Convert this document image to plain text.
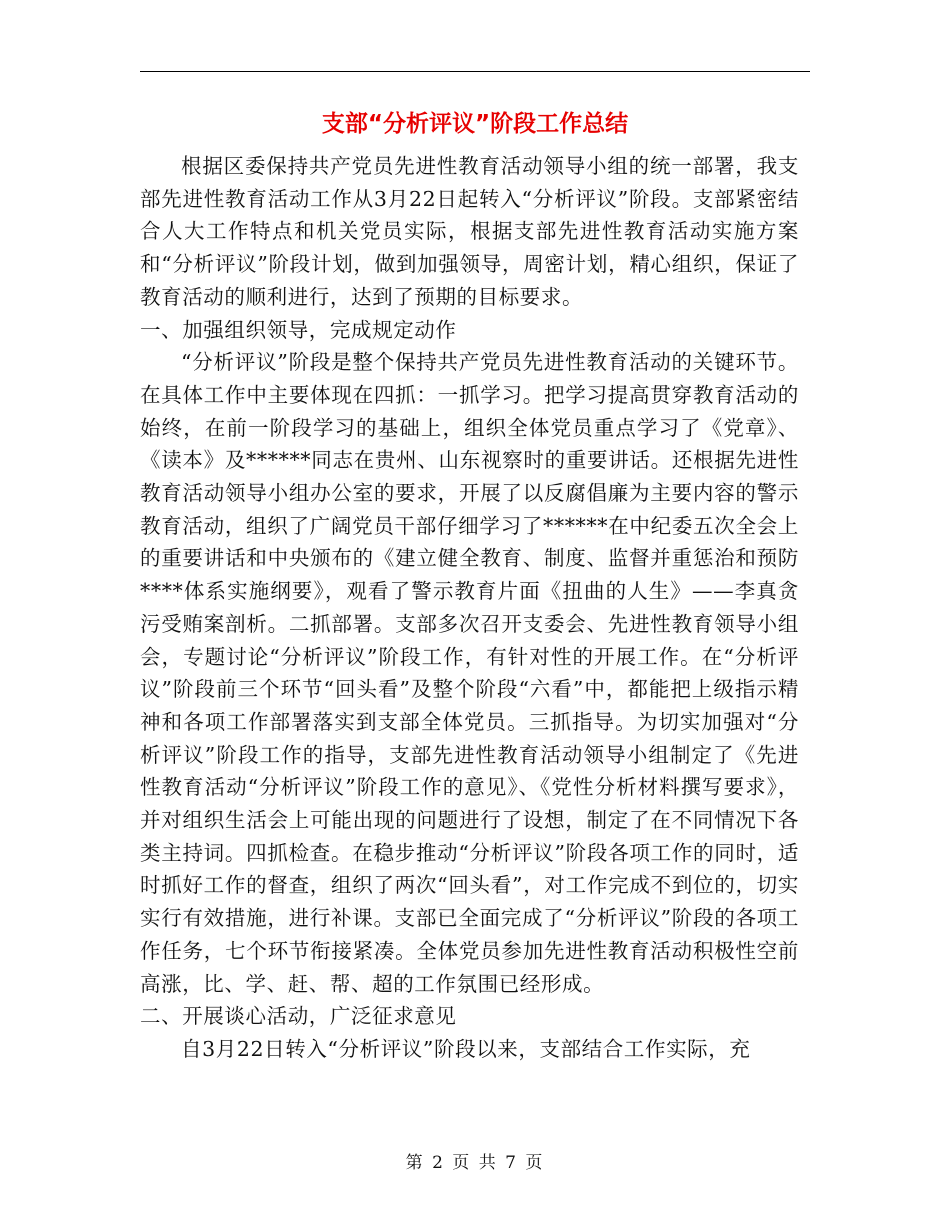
支部“分析评议”阶段工作总结

根据区委保持共产党员先进性教育活动领导小组的统一部署，我支部先进性教育活动工作从3月22日起转入“分析评议”阶段。支部紧密结合人大工作特点和机关党员实际，根据支部先进性教育活动实施方案和“分析评议”阶段计划，做到加强领导，周密计划，精心组织，保证了教育活动的顺利进行，达到了预期的目标要求。

一、加强组织领导，完成规定动作

“分析评议”阶段是整个保持共产党员先进性教育活动的关键环节。在具体工作中主要体现在四抓：一抓学习。把学习提高贯穿教育活动的始终，在前一阶段学习的基础上，组织全体党员重点学习了《党章》、《读本》及******同志在贵州、山东视察时的重要讲话。还根据先进性教育活动领导小组办公室的要求，开展了以反腐倡廉为主要内容的警示教育活动，组织了广阔党员干部仔细学习了******在中纪委五次全会上的重要讲话和中央颁布的《建立健全教育、制度、监督并重惩治和预防****体系实施纲要》，观看了警示教育片面《扭曲的人生》——李真贪污受贿案剖析。二抓部署。支部多次召开支委会、先进性教育领导小组会，专题讨论“分析评议”阶段工作，有针对性的开展工作。在“分析评议”阶段前三个环节“回头看”及整个阶段“六看”中，都能把上级指示精神和各项工作部署落实到支部全体党员。三抓指导。为切实加强对“分析评议”阶段工作的指导，支部先进性教育活动领导小组制定了《先进性教育活动“分析评议”阶段工作的意见》、《党性分析材料撰写要求》，并对组织生活会上可能出现的问题进行了设想，制定了在不同情况下各类主持词。四抓检查。在稳步推动“分析评议”阶段各项工作的同时，适时抓好工作的督查，组织了两次“回头看”，对工作完成不到位的，切实实行有效措施，进行补课。支部已全面完成了“分析评议”阶段的各项工作任务，七个环节衔接紧凑。全体党员参加先进性教育活动积极性空前高涨，比、学、赶、帮、超的工作氛围已经形成。

二、开展谈心活动，广泛征求意见

自3月22日转入“分析评议”阶段以来，支部结合工作实际，充

第 2 页 共 7 页
